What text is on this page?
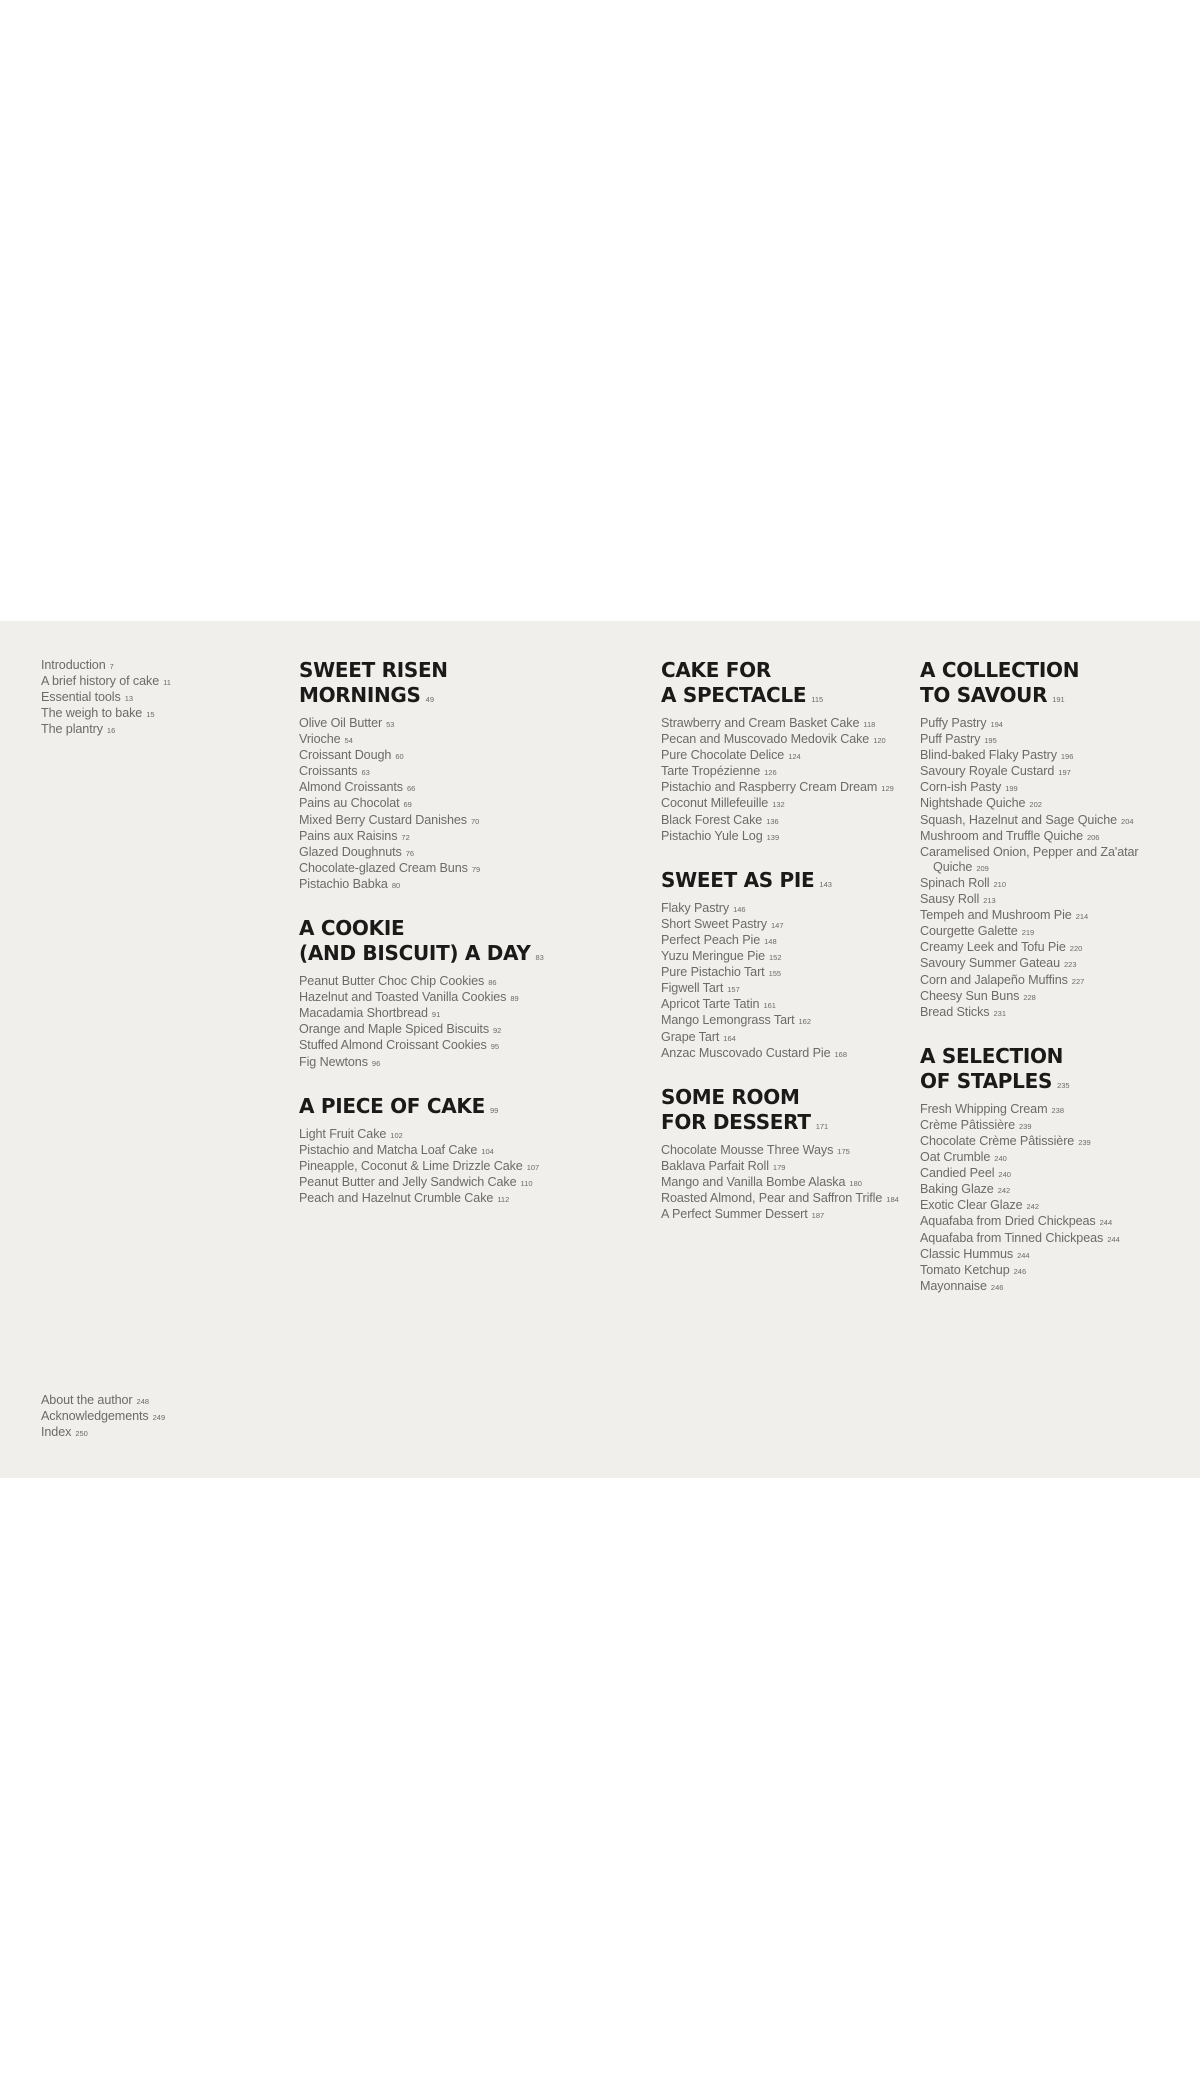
Introduction 7
A brief history of cake 11
Essential tools 13
The weigh to bake 15
The plantry 16
About the author 248
Acknowledgements 249
Index 250
SWEET RISEN
MORNINGS 49
Olive Oil Butter 53
Vrioche 54
Croissant Dough 60
Croissants 63
Almond Croissants 66
Pains au Chocolat 69
Mixed Berry Custard Danishes 70
Pains aux Raisins 72
Glazed Doughnuts 76
Chocolate-glazed Cream Buns 79
Pistachio Babka 80
A COOKIE
(AND BISCUIT) A DAY 83
Peanut Butter Choc Chip Cookies 86
Hazelnut and Toasted Vanilla Cookies 89
Macadamia Shortbread 91
Orange and Maple Spiced Biscuits 92
Stuffed Almond Croissant Cookies 95
Fig Newtons 96
A PIECE OF CAKE 99
Light Fruit Cake 102
Pistachio and Matcha Loaf Cake 104
Pineapple, Coconut & Lime Drizzle Cake 107
Peanut Butter and Jelly Sandwich Cake 110
Peach and Hazelnut Crumble Cake 112
CAKE FOR
A SPECTACLE 115
Strawberry and Cream Basket Cake 118
Pecan and Muscovado Medovik Cake 120
Pure Chocolate Delice 124
Tarte Tropézienne 126
Pistachio and Raspberry Cream Dream 129
Coconut Millefeuille 132
Black Forest Cake 136
Pistachio Yule Log 139
SWEET AS PIE 143
Flaky Pastry 146
Short Sweet Pastry 147
Perfect Peach Pie 148
Yuzu Meringue Pie 152
Pure Pistachio Tart 155
Figwell Tart 157
Apricot Tarte Tatin 161
Mango Lemongrass Tart 162
Grape Tart 164
Anzac Muscovado Custard Pie 168
SOME ROOM
FOR DESSERT 171
Chocolate Mousse Three Ways 175
Baklava Parfait Roll 179
Mango and Vanilla Bombe Alaska 180
Roasted Almond, Pear and Saffron Trifle 184
A Perfect Summer Dessert 187
A COLLECTION
TO SAVOUR 191
Puffy Pastry 194
Puff Pastry 195
Blind-baked Flaky Pastry 196
Savoury Royale Custard 197
Corn-ish Pasty 199
Nightshade Quiche 202
Squash, Hazelnut and Sage Quiche 204
Mushroom and Truffle Quiche 206
Caramelised Onion, Pepper and Za'atar Quiche 209
Spinach Roll 210
Sausy Roll 213
Tempeh and Mushroom Pie 214
Courgette Galette 219
Creamy Leek and Tofu Pie 220
Savoury Summer Gateau 223
Corn and Jalapeño Muffins 227
Cheesy Sun Buns 228
Bread Sticks 231
A SELECTION
OF STAPLES 235
Fresh Whipping Cream 238
Crème Pâtissière 239
Chocolate Crème Pâtissière 239
Oat Crumble 240
Candied Peel 240
Baking Glaze 242
Exotic Clear Glaze 242
Aquafaba from Dried Chickpeas 244
Aquafaba from Tinned Chickpeas 244
Classic Hummus 244
Tomato Ketchup 246
Mayonnaise 246
